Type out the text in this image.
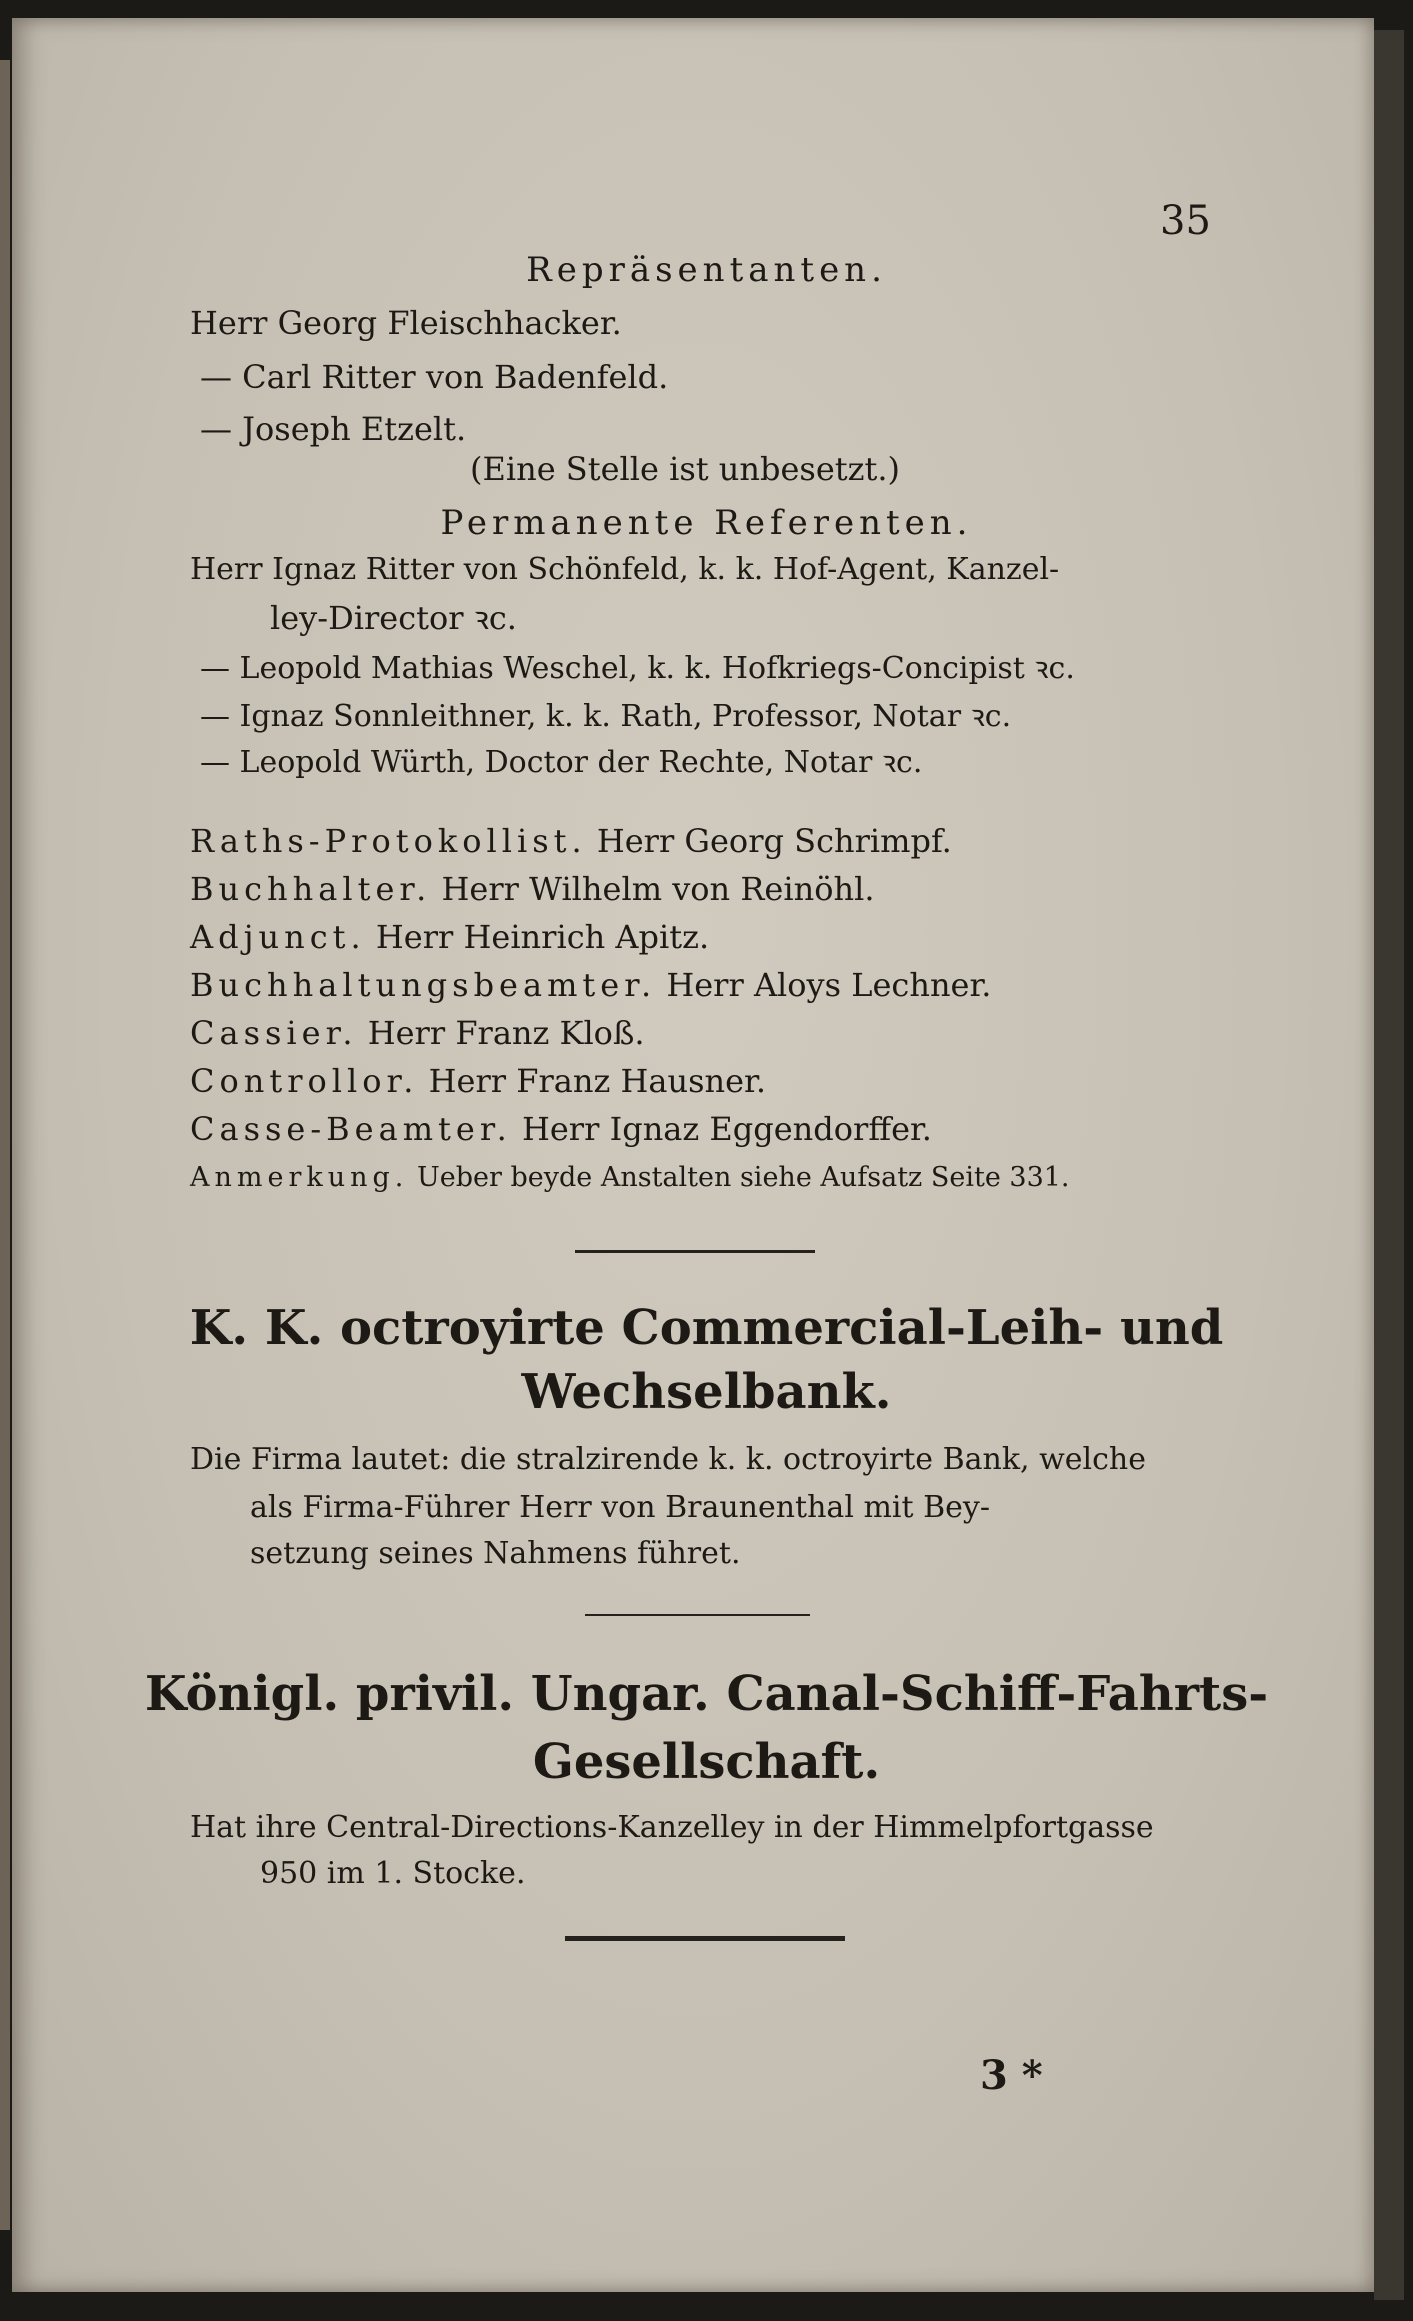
35
Repräsentanten.
Herr Georg Fleischhacker.
— Carl Ritter von Badenfeld.
— Joseph Etzelt.
(Eine Stelle ist unbesetzt.)
Permanente Referenten.
Herr Ignaz Ritter von Schönfeld, k. k. Hof-Agent, Kanzel-
ley-Director ꝛc.
— Leopold Mathias Weschel, k. k. Hofkriegs-Concipist ꝛc.
— Ignaz Sonnleithner, k. k. Rath, Professor, Notar ꝛc.
— Leopold Würth, Doctor der Rechte, Notar ꝛc.
Raths-Protokollist. Herr Georg Schrimpf.
Buchhalter. Herr Wilhelm von Reinöhl.
Adjunct. Herr Heinrich Apitz.
Buchhaltungsbeamter. Herr Aloys Lechner.
Cassier. Herr Franz Kloß.
Controllor. Herr Franz Hausner.
Casse-Beamter. Herr Ignaz Eggendorffer.
Anmerkung. Ueber beyde Anstalten siehe Aufsatz Seite 331.
K. K. octroyirte Commercial-Leih- und
Wechselbank.
Die Firma lautet: die stralzirende k. k. octroyirte Bank, welche
als Firma-Führer Herr von Braunenthal mit Bey-
setzung seines Nahmens führet.
Königl. privil. Ungar. Canal-Schiff-Fahrts-
Gesellschaft.
Hat ihre Central-Directions-Kanzelley in der Himmelpfortgasse
950 im 1. Stocke.
3 *
